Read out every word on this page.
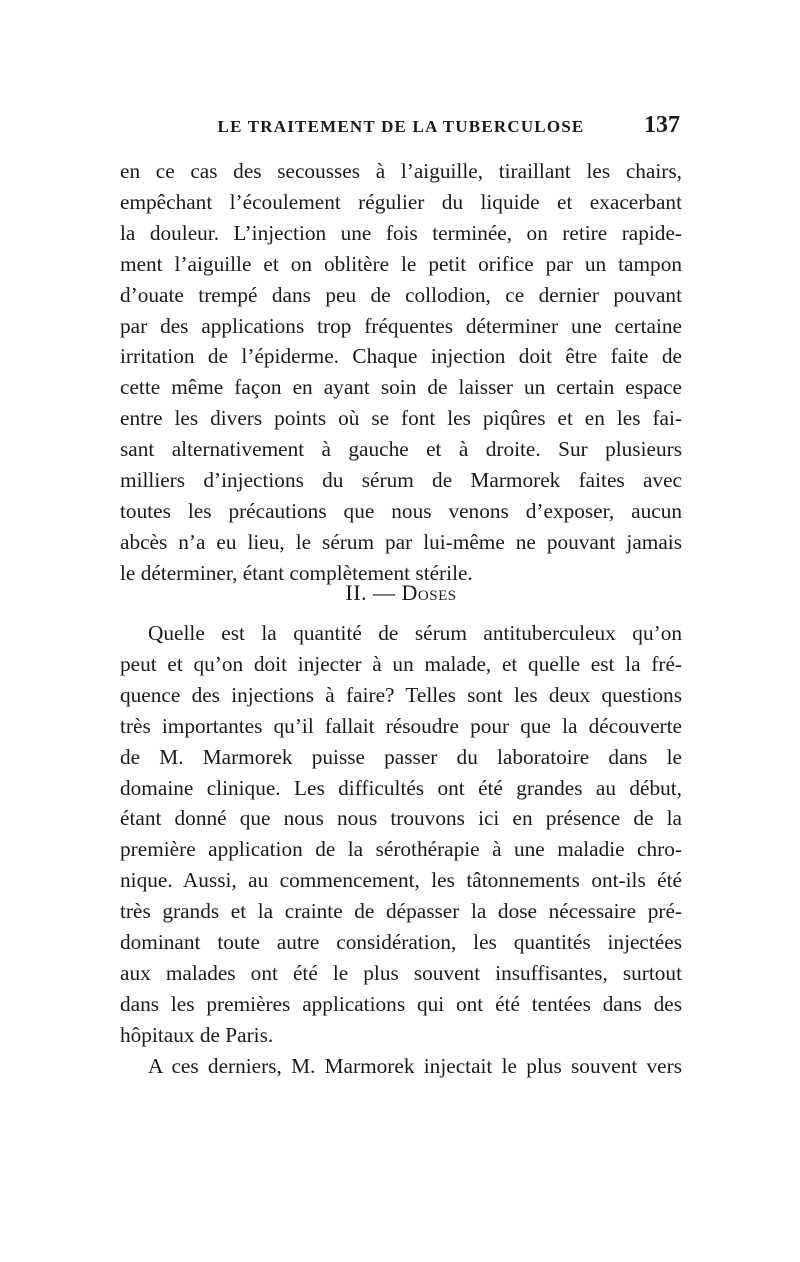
LE TRAITEMENT DE LA TUBERCULOSE	137
en ce cas des secousses à l’aiguille, tiraillant les chairs,
empêchant l’écoulement régulier du liquide et exacerbant
la douleur. L’injection une fois terminée, on retire rapide-
ment l’aiguille et on oblitère le petit orifice par un tampon
d’ouate trempé dans peu de collodion, ce dernier pouvant
par des applications trop fréquentes déterminer une certaine
irritation de l’épiderme. Chaque injection doit être faite de
cette même façon en ayant soin de laisser un certain espace
entre les divers points où se font les piqûres et en les fai-
sant alternativement à gauche et à droite. Sur plusieurs
milliers d’injections du sérum de Marmorek faites avec
toutes les précautions que nous venons d’exposer, aucun
abcès n’a eu lieu, le sérum par lui-même ne pouvant jamais
le déterminer, étant complètement stérile.
II. — Doses
Quelle est la quantité de sérum antituberculeux qu’on
peut et qu’on doit injecter à un malade, et quelle est la fré-
quence des injections à faire? Telles sont les deux questions
très importantes qu’il fallait résoudre pour que la découverte
de M. Marmorek puisse passer du laboratoire dans le
domaine clinique. Les difficultés ont été grandes au début,
étant donné que nous nous trouvons ici en présence de la
première application de la sérothérapie à une maladie chro-
nique. Aussi, au commencement, les tâtonnements ont-ils été
très grands et la crainte de dépasser la dose nécessaire pré-
dominant toute autre considération, les quantités injectées
aux malades ont été le plus souvent insuffisantes, surtout
dans les premières applications qui ont été tentées dans des
hôpitaux de Paris.
A ces derniers, M. Marmorek injectait le plus souvent vers
